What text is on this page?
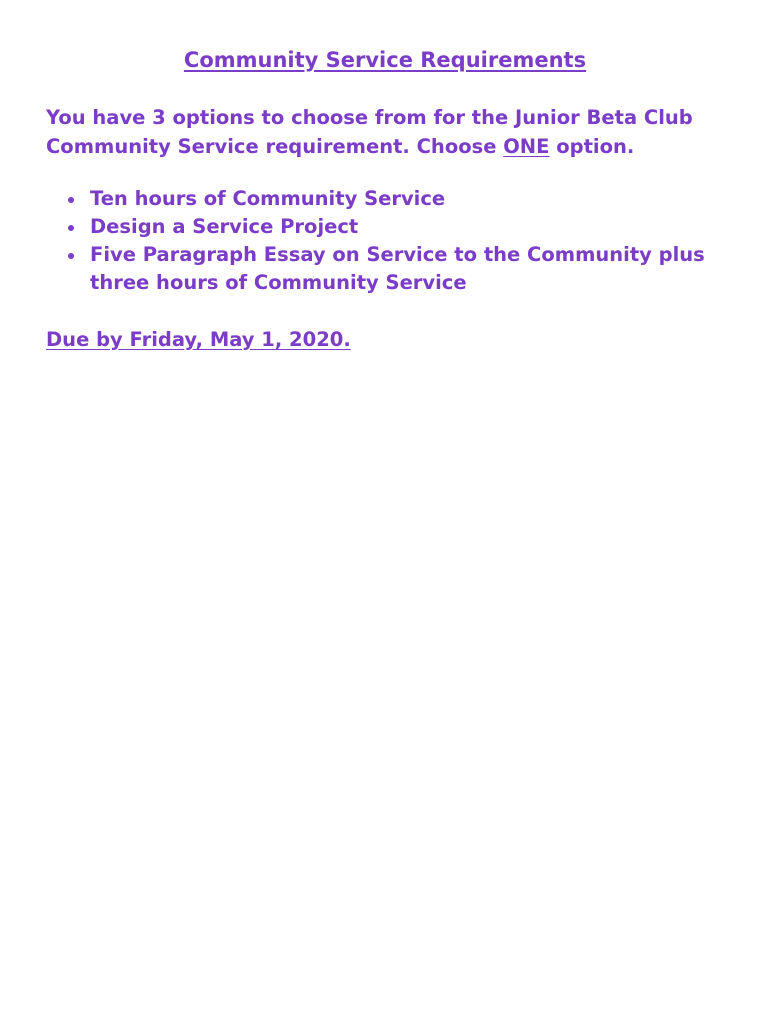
Community Service Requirements

You have 3 options to choose from for the Junior Beta Club Community Service requirement. Choose ONE option.

Ten hours of Community Service
Design a Service Project
Five Paragraph Essay on Service to the Community plus three hours of Community Service

Due by Friday, May 1, 2020.
